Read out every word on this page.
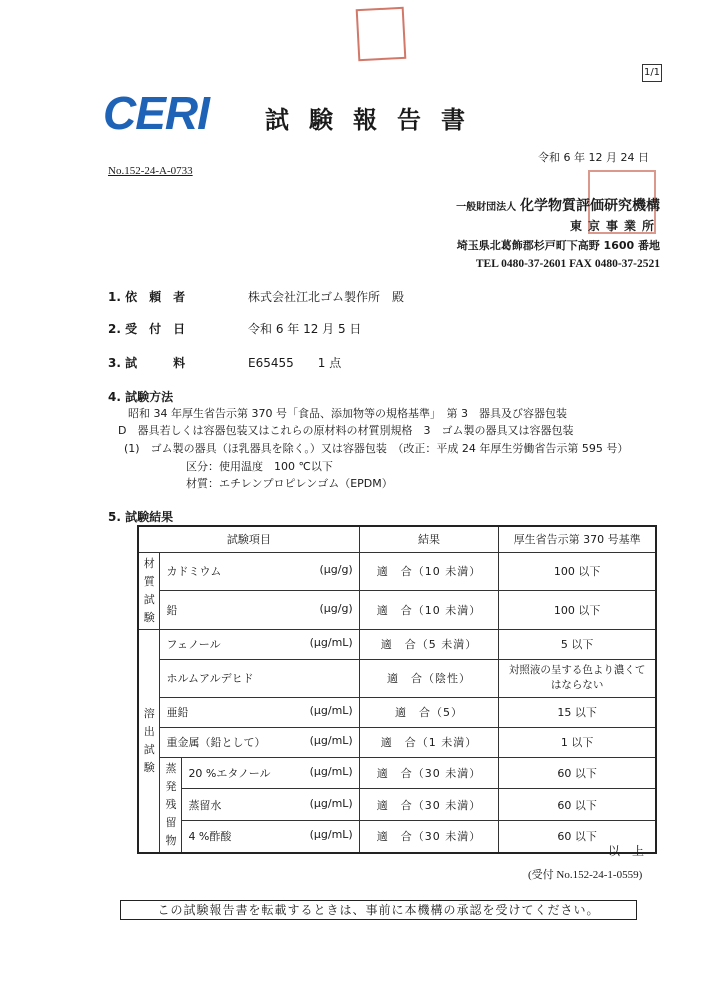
1/1
CERI 試験報告書
令和 6 年 12 月 24 日
No.152-24-A-0733
一般財団法人 化学物質評価研究機構
東京事業所
埼玉県北葛飾郡杉戸町下高野 1600 番地
TEL 0480-37-2601 FAX 0480-37-2521
1. 依　頼　者	株式会社江北ゴム製作所　殿
2. 受　付　日	令和 6 年 12 月 5 日
3. 試　　　料	E65455　　1 点
4. 試験方法
昭和 34 年厚生省告示第 370 号「食品、添加物等の規格基準」　第 3　器具及び容器包装
D　器具若しくは容器包装又はこれらの原材料の材質別規格　3　ゴム製の器具又は容器包装
(1)　ゴム製の器具（ほ乳器具を除く。）又は容器包装　（改正：平成 24 年厚生労働省告示第 595 号）
区分：使用温度　100 ℃以下
材質：エチレンプロピレンゴム（EPDM）
5. 試験結果
試験項目			結果	厚生省告示第 370 号基準
材質試験	カドミウム (μg/g)		適　合（10 未満）	100 以下
	鉛 (μg/g)		適　合（10 未満）	100 以下
溶出試験	フェノール (μg/mL)		適　合（5 未満）	5 以下
	ホルムアルデヒド		適　合（陰性）	対照液の呈する色より濃くてはならない
	亜鉛 (μg/mL)		適　合（5）	15 以下
	重金属（鉛として） (μg/mL)		適　合（1 未満）	1 以下
	蒸発残留物	20 %エタノール (μg/mL)	適　合（30 未満）	60 以下
		蒸留水 (μg/mL)	適　合（30 未満）	60 以下
		4 %酢酸 (μg/mL)	適　合（30 未満）	60 以下
以上
(受付 No.152-24-1-0559)
この試験報告書を転載するときは、事前に本機構の承認を受けてください。
